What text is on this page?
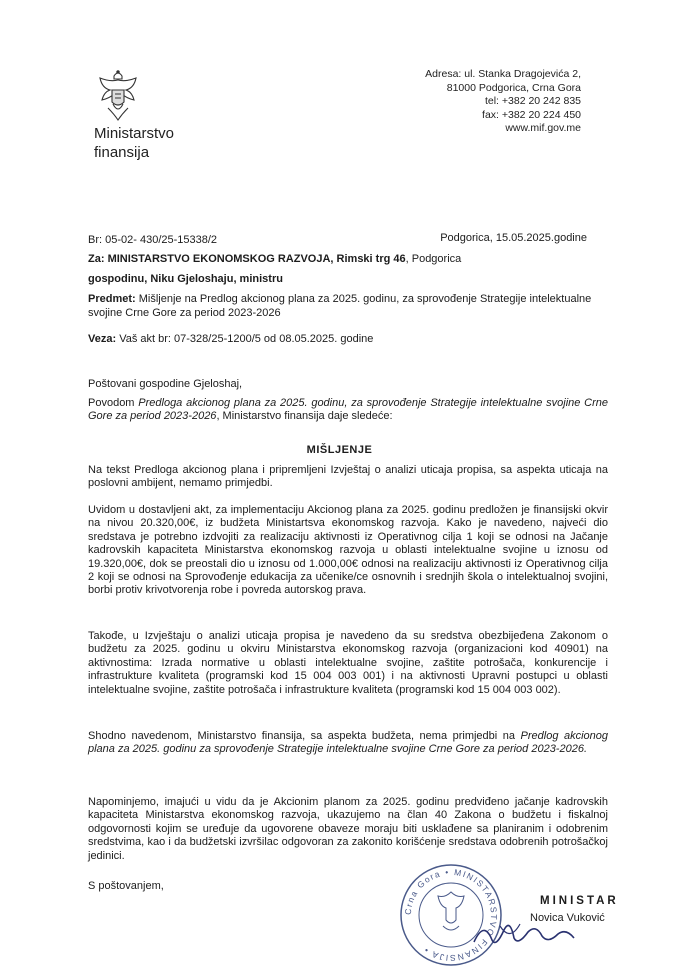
Ministarstvo
finansija
Adresa: ul. Stanka Dragojevića 2,
81000 Podgorica, Crna Gora
tel: +382 20 242 835
fax: +382 20 224 450
www.mif.gov.me
Br: 05-02- 430/25-15338/2	Podgorica, 15.05.2025.godine
Za: MINISTARSTVO EKONOMSKOG RAZVOJA, Rimski trg 46, Podgorica
gospodinu, Niku Gjeloshaju, ministru
Predmet: Mišljenje na Predlog akcionog plana za 2025. godinu, za sprovođenje Strategije intelektualne svojine Crne Gore za period 2023-2026
Veza: Vaš akt br: 07-328/25-1200/5 od 08.05.2025. godine
Poštovani gospodine Gjeloshaj,
Povodom Predloga akcionog plana za 2025. godinu, za sprovođenje Strategije intelektualne svojine Crne Gore za period 2023-2026, Ministarstvo finansija daje sledeće:
MIŠLJENJE
Na tekst Predloga akcionog plana i pripremljeni Izvještaj o analizi uticaja propisa, sa aspekta uticaja na poslovni ambijent, nemamo primjedbi.
Uvidom u dostavljeni akt, za implementaciju Akcionog plana za 2025. godinu predložen je finansijski okvir na nivou 20.320,00€, iz budžeta Ministartsva ekonomskog razvoja. Kako je navedeno, najveći dio sredstava je potrebno izdvojiti za realizaciju aktivnosti iz Operativnog cilja 1 koji se odnosi na Jačanje kadrovskih kapaciteta Ministarstva ekonomskog razvoja u oblasti intelektualne svojine u iznosu od 19.320,00€, dok se preostali dio u iznosu od 1.000,00€ odnosi na realizaciju aktivnosti iz Operativnog cilja 2 koji se odnosi na Sprovođenje edukacija za učenike/ce osnovnih i srednjih škola o intelektualnoj svojini, borbi protiv krivotvorenja robe i povreda autorskog prava.
Takođe, u Izvještaju o analizi uticaja propisa je navedeno da su sredstva obezbijeđena Zakonom o budžetu za 2025. godinu u okviru Ministarstva ekonomskog razvoja (organizacioni kod 40901) na aktivnostima: Izrada normative u oblasti intelektualne svojine, zaštite potrošača, konkurencije i infrastrukture kvaliteta (programski kod 15 004 003 001) i na aktivnosti Upravni postupci u oblasti intelektualne svojine, zaštite potrošača i infrastrukture kvaliteta (programski kod 15 004 003 002).
Shodno navedenom, Ministarstvo finansija, sa aspekta budžeta, nema primjedbi na Predlog akcionog plana za 2025. godinu za sprovođenje Strategije intelektualne svojine Crne Gore za period 2023-2026.
Napominjemo, imajući u vidu da je Akcionim planom za 2025. godinu predviđeno jačanje kadrovskih kapaciteta Ministarstva ekonomskog razvoja, ukazujemo na član 40 Zakona o budžetu i fiskalnoj odgovornosti kojim se uređuje da ugovorene obaveze moraju biti usklađene sa planiranim i odobrenim sredstvima, kao i da budžetski izvršilac odgovoran za zakonito korišćenje sredstava odobrenih potrošačkoj jedinici.
S poštovanjem,
Crna Gora • MINISTARSTVO FINANSIJA •
MINISTAR
Novica Vuković
